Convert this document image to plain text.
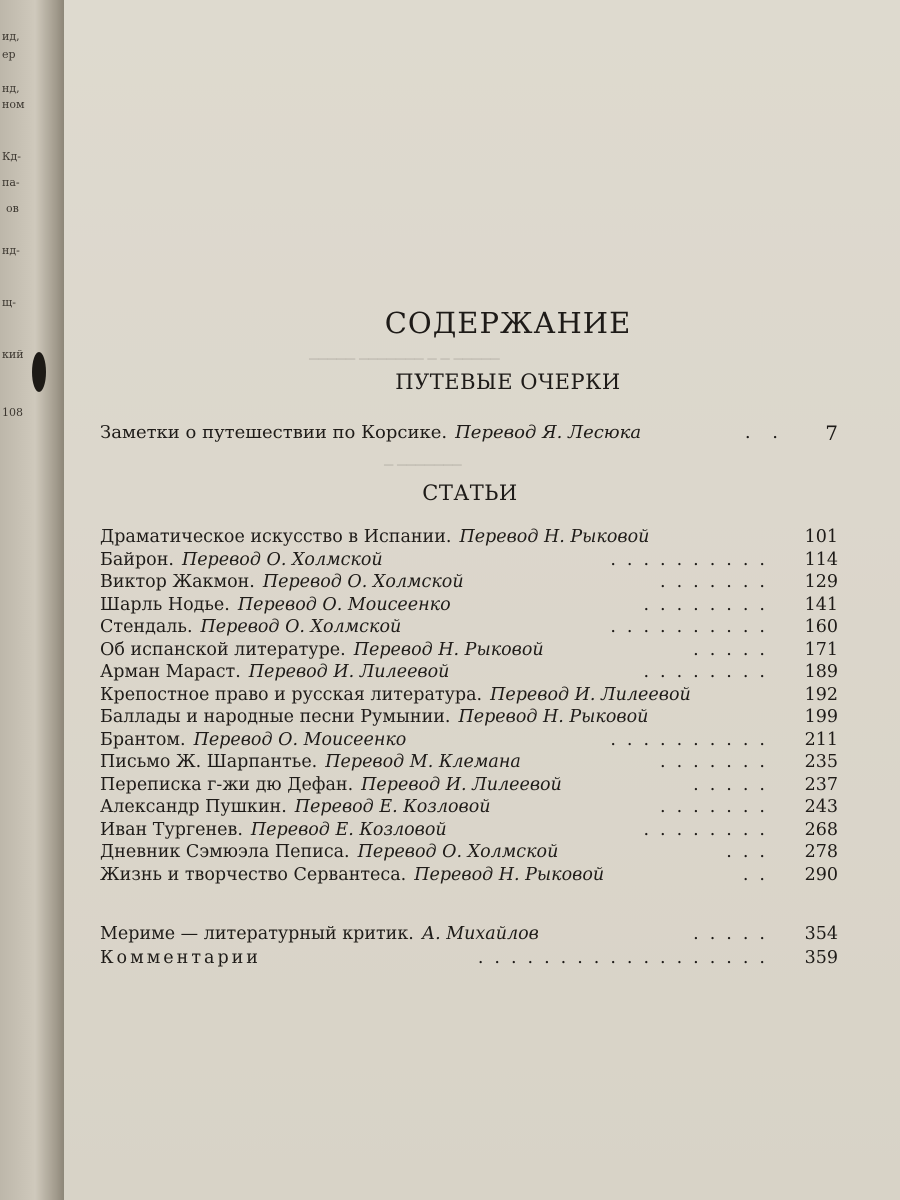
ид,
ер
нд,
ном
Кд-
па-
ов
нд-
щ-
кий
108
▁▁▁▁▁ ▁▁▁▁▁▁▁ ▁ ▁ ▁▁▁▁▁
▁ ▁▁▁▁▁▁▁
СОДЕРЖАНИЕ
ПУТЕВЫЕ ОЧЕРКИ
Заметки о путешествии по Корсике. Перевод Я. Лесюка	. . 7
СТАТЬИ
Драматическое искусство в Испании. Перевод Н. Рыковой	101
Байрон. Перевод О. Холмской	..........	114
Виктор Жакмон. Перевод О. Холмской	.......	129
Шарль Нодье. Перевод О. Моисеенко	........	141
Стендаль. Перевод О. Холмской	..........	160
Об испанской литературе. Перевод Н. Рыковой	.....	171
Арман Мараст. Перевод И. Лилеевой	........	189
Крепостное право и русская литература. Перевод И. Лилеевой	192
Баллады и народные песни Румынии. Перевод Н. Рыковой	199
Брантом. Перевод О. Моисеенко	..........	211
Письмо Ж. Шарпантье. Перевод М. Клемана	.......	235
Переписка г-жи дю Дефан. Перевод И. Лилеевой	.....	237
Александр Пушкин. Перевод Е. Козловой	.......	243
Иван Тургенев. Перевод Е. Козловой	........	268
Дневник Сэмюэла Пеписа. Перевод О. Холмской	...	278
Жизнь и творчество Сервантеса. Перевод Н. Рыковой	..	290
Мериме — литературный критик. А. Михайлов	.....	354
Комментарии	..................	359
